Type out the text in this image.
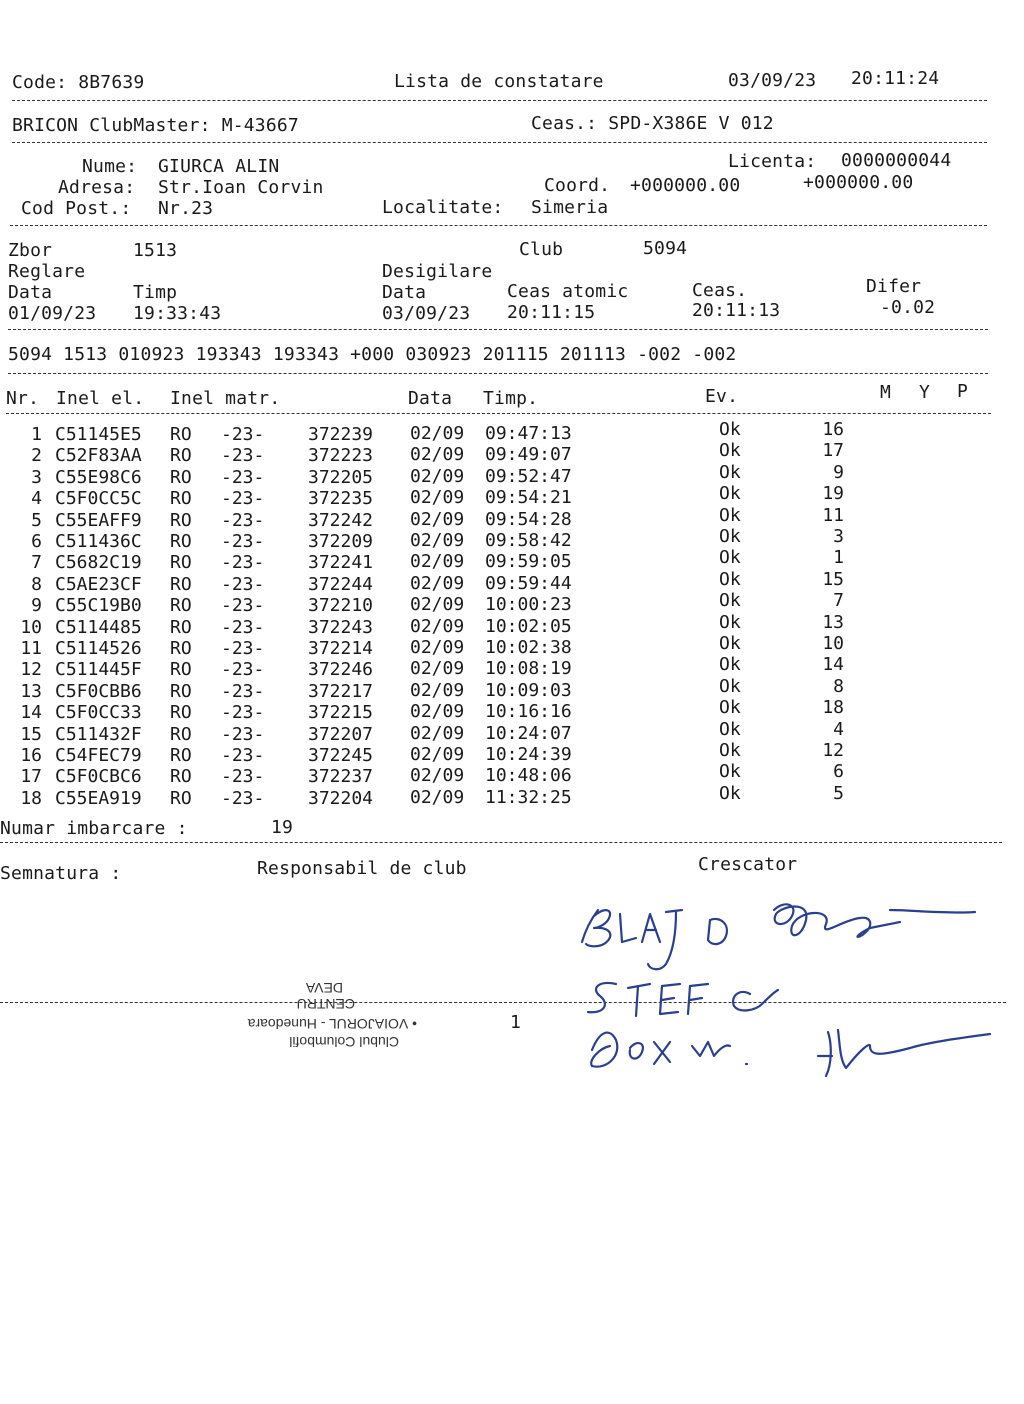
Code: 8B7639	Lista de constatare	03/09/23 20:11:24
BRICON ClubMaster: M-43667	Ceas.: SPD-X386E V 012
Nume: GIURCA ALIN	Licenta: 0000000044
Adresa: Str.Ioan Corvin	Coord. +000000.00	+000000.00
Cod Post.: Nr.23	Localitate: Simeria
Zbor	1513	Club	5094
Reglare	Desigilare
Data	Timp	Data	Ceas atomic	Ceas.	Difer
01/09/23 19:33:43	03/09/23 20:11:15	20:11:13	-0.02
5094 1513 010923 193343 193343 +000 030923 201115 201113 -002 -002
Nr. Inel el. Inel matr.	Data Timp.	Ev.	M Y P
1 C51145E5 RO -23- 372239 02/09 09:47:13	Ok	16
2 C52F83AA RO -23- 372223 02/09 09:49:07	Ok	17
3 C55E98C6 RO -23- 372205 02/09 09:52:47	Ok	9
4 C5F0CC5C RO -23- 372235 02/09 09:54:21	Ok	19
5 C55EAFF9 RO -23- 372242 02/09 09:54:28	Ok	11
6 C511436C RO -23- 372209 02/09 09:58:42	Ok	3
7 C5682C19 RO -23- 372241 02/09 09:59:05	Ok	1
8 C5AE23CF RO -23- 372244 02/09 09:59:44	Ok	15
9 C55C19B0 RO -23- 372210 02/09 10:00:23	Ok	7
10 C5114485 RO -23- 372243 02/09 10:02:05	Ok	13
11 C5114526 RO -23- 372214 02/09 10:02:38	Ok	10
12 C511445F RO -23- 372246 02/09 10:08:19	Ok	14
13 C5F0CBB6 RO -23- 372217 02/09 10:09:03	Ok	8
14 C5F0CC33 RO -23- 372215 02/09 10:16:16	Ok	18
15 C511432F RO -23- 372207 02/09 10:24:07	Ok	4
16 C54FEC79 RO -23- 372245 02/09 10:24:39	Ok	12
17 C5F0CBC6 RO -23- 372237 02/09 10:48:06	Ok	6
18 C55EA919 RO -23- 372204 02/09 11:32:25	Ok	5
Numar imbarcare :	19
Semnatura :	Responsabil de club	Crescator
1
DEVA
CENTRU
• VOIAJORUL - Hunedoara
Clubul Columbofil
